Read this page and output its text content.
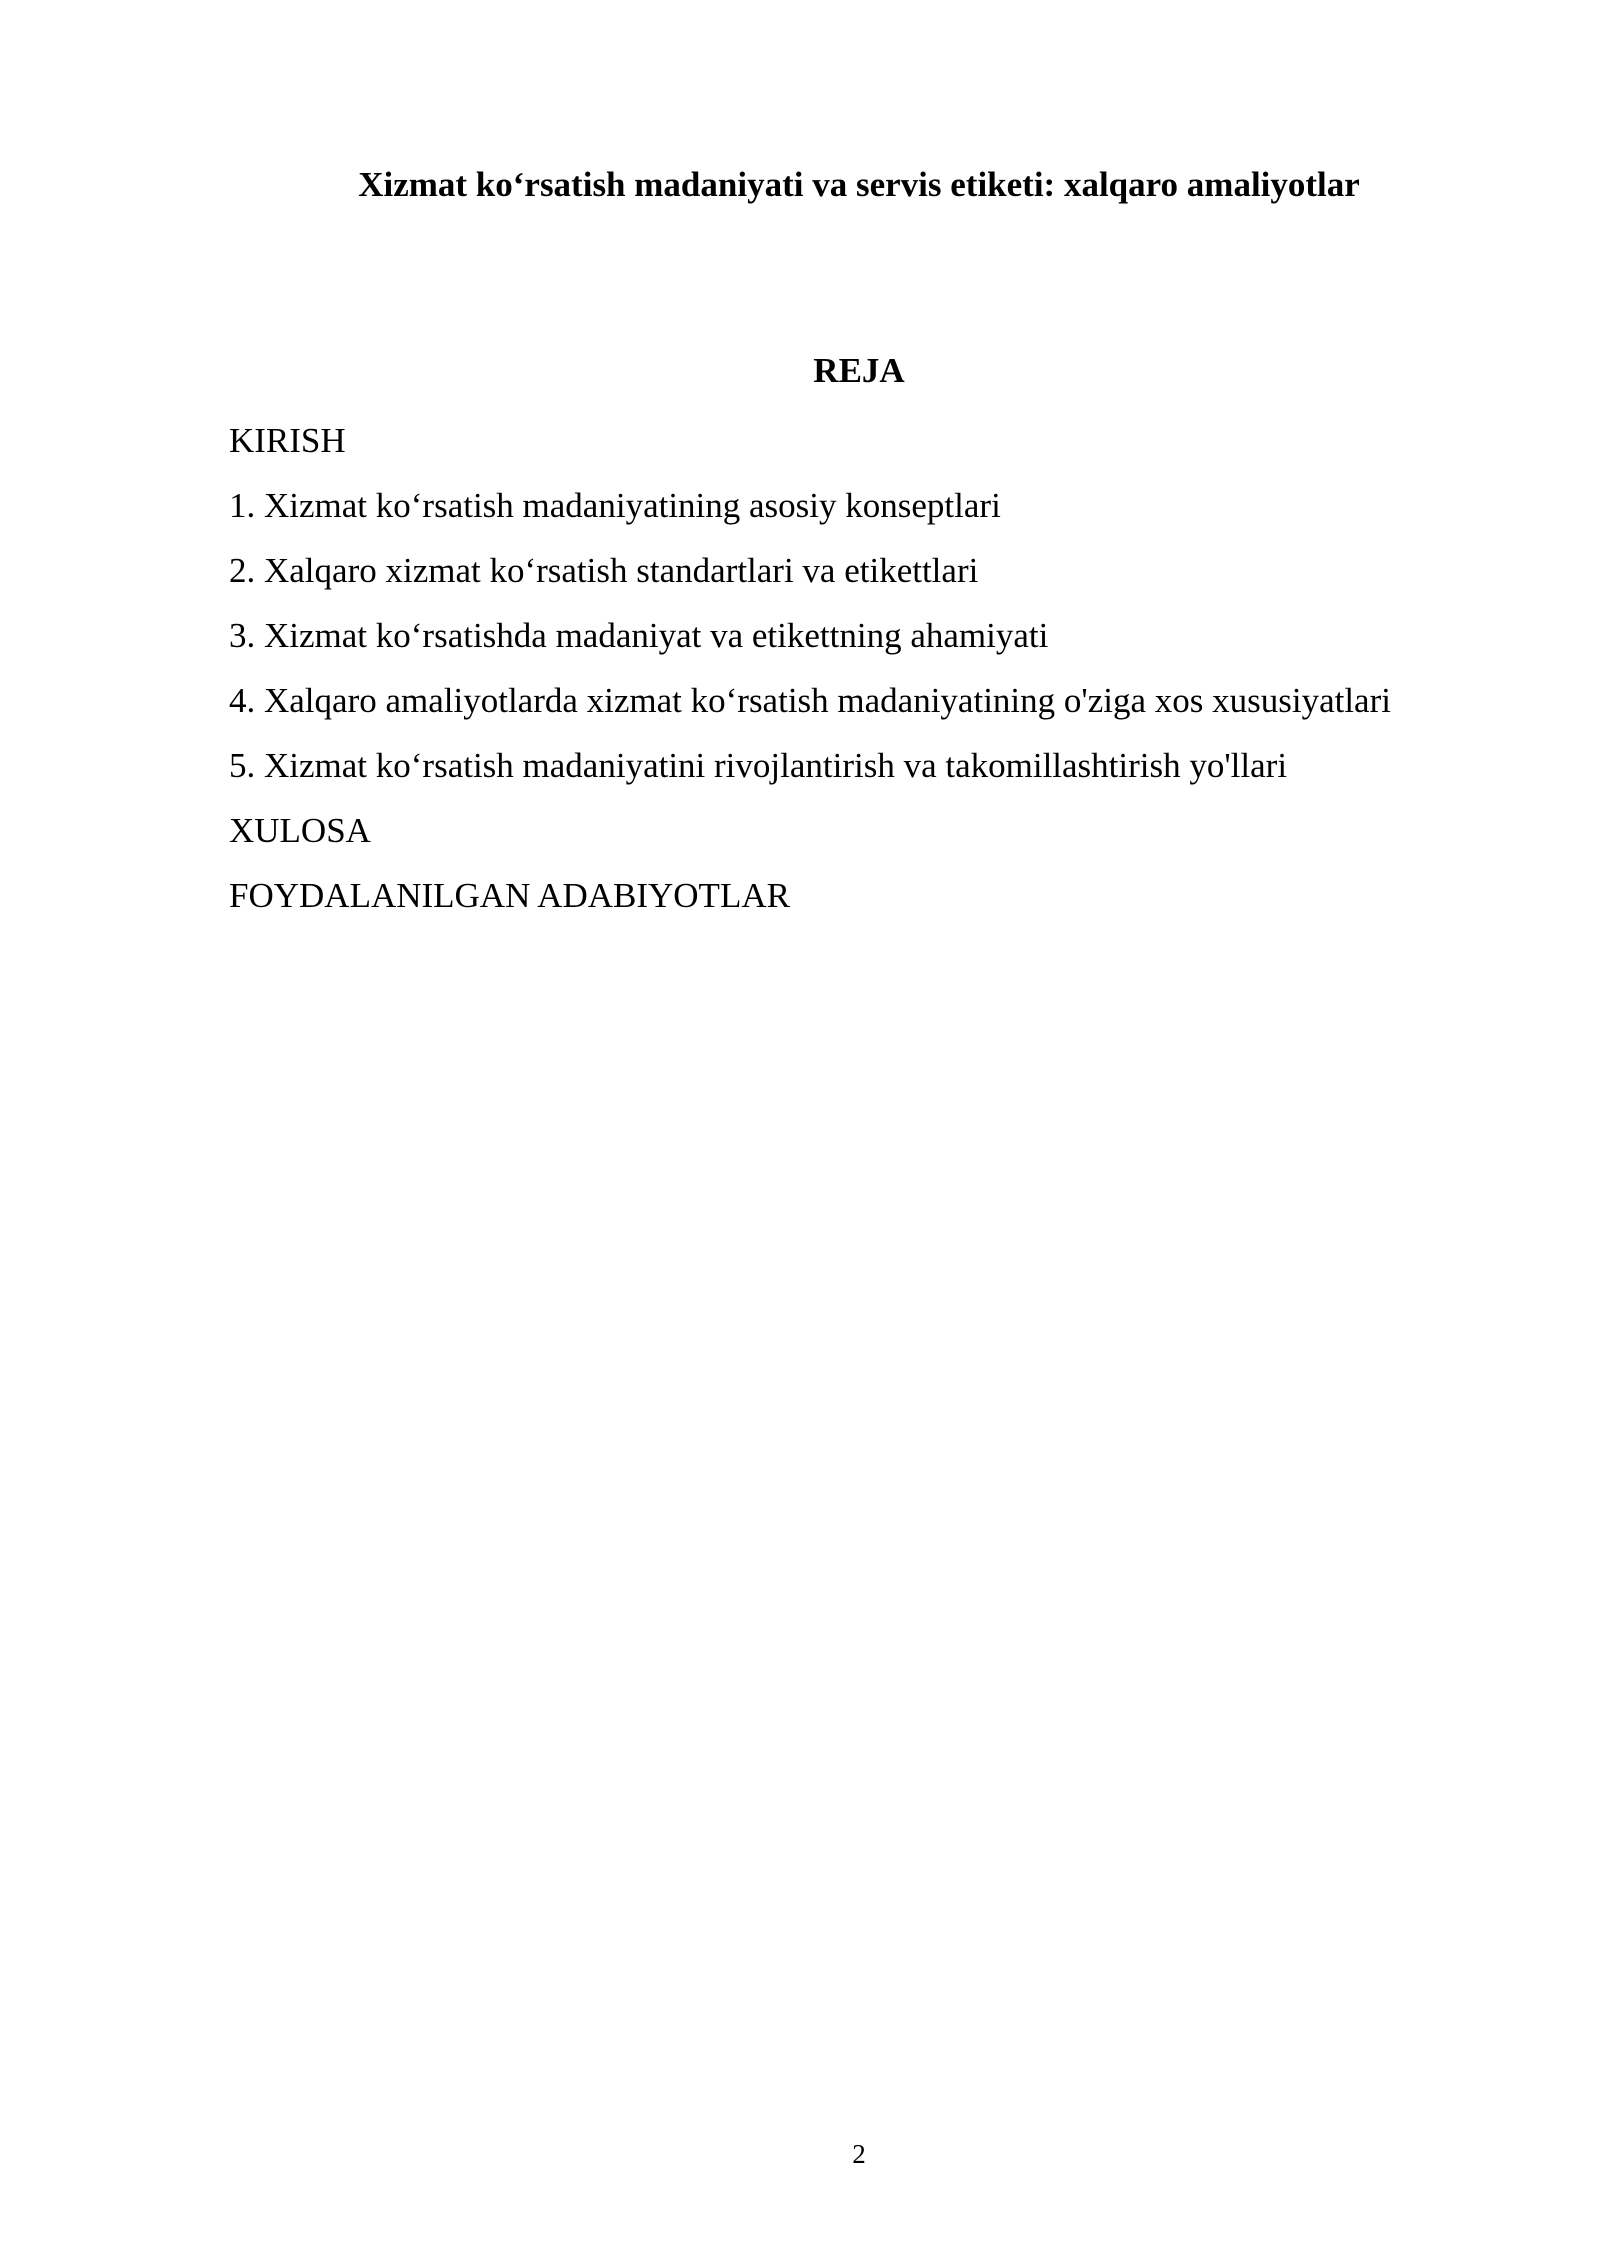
Xizmat ko‘rsatish madaniyati va servis etiketi: xalqaro amaliyotlar
REJA
KIRISH
1. Xizmat ko‘rsatish madaniyatining asosiy konseptlari
2. Xalqaro xizmat ko‘rsatish standartlari va etikettlari
3. Xizmat ko‘rsatishda madaniyat va etikettning ahamiyati
4. Xalqaro amaliyotlarda xizmat ko‘rsatish madaniyatining o'ziga xos xususiyatlari
5. Xizmat ko‘rsatish madaniyatini rivojlantirish va takomillashtirish yo'llari
XULOSA
FOYDALANILGAN ADABIYOTLAR
2
